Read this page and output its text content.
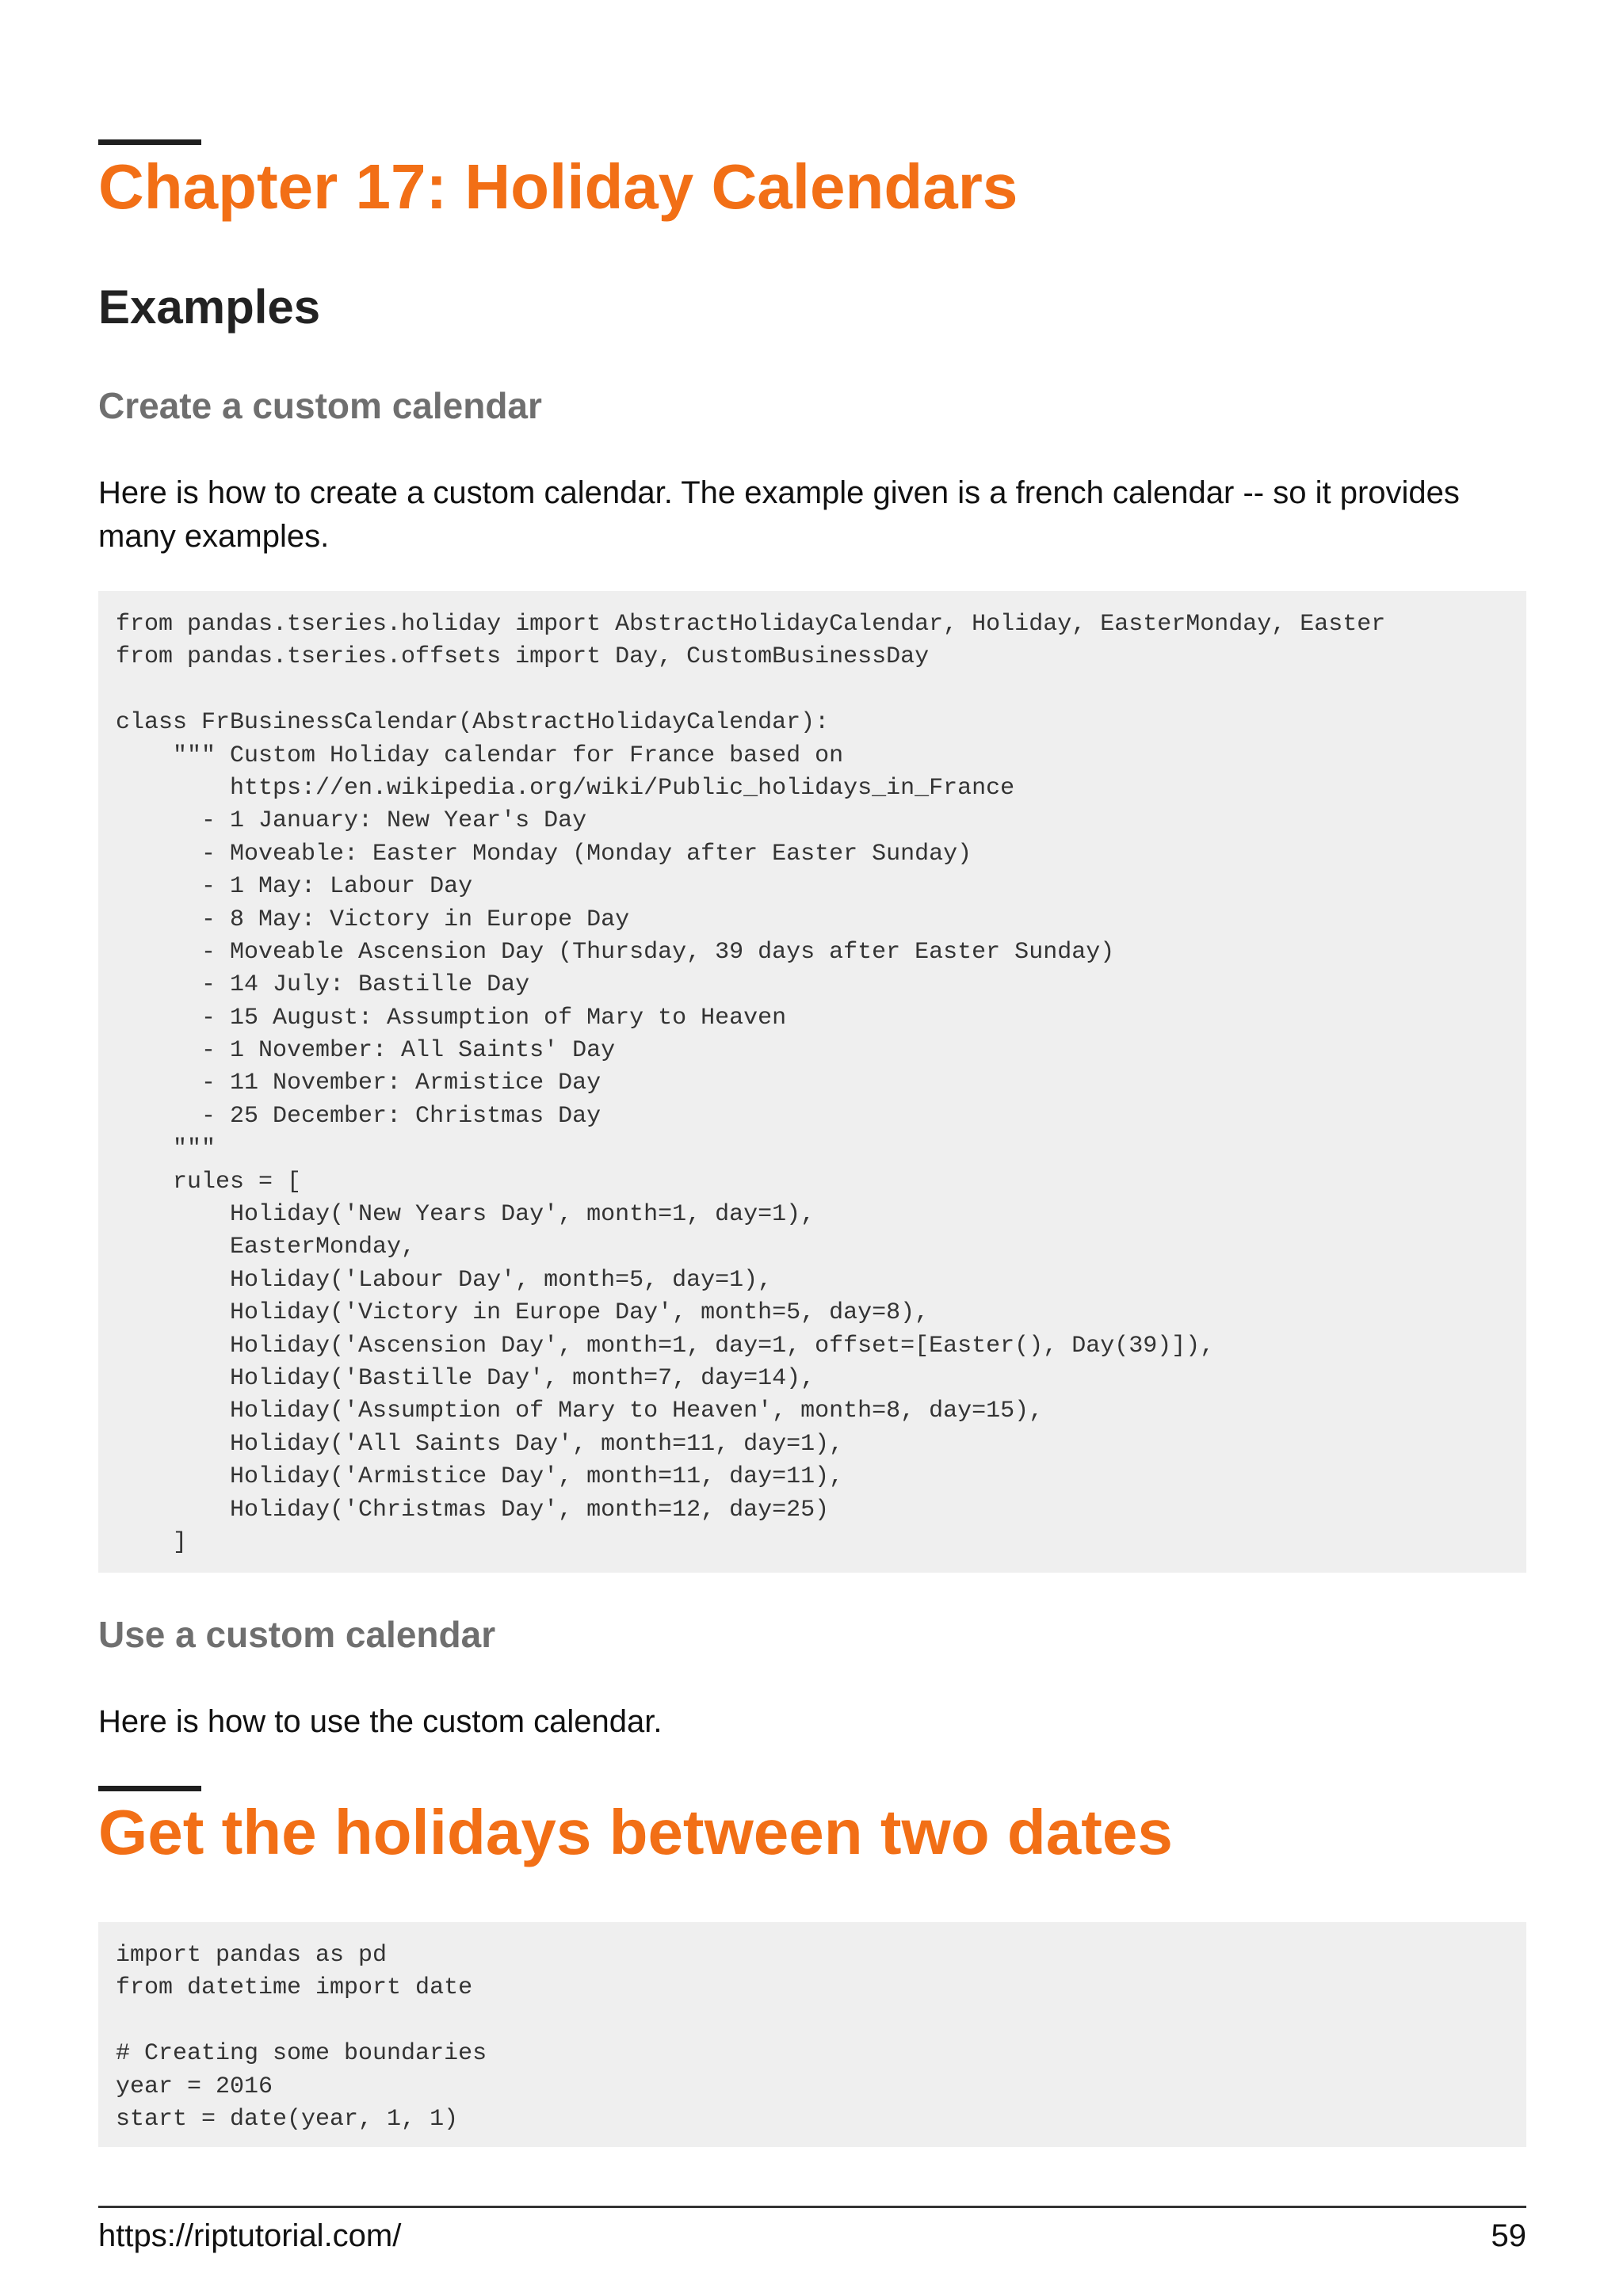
Chapter 17: Holiday Calendars
Examples
Create a custom calendar

Here is how to create a custom calendar. The example given is a french calendar -- so it provides many examples.

from pandas.tseries.holiday import AbstractHolidayCalendar, Holiday, EasterMonday, Easter
from pandas.tseries.offsets import Day, CustomBusinessDay
class FrBusinessCalendar(AbstractHolidayCalendar):
""" Custom Holiday calendar for France based on
https://en.wikipedia.org/wiki/Public_holidays_in_France
- 1 January: New Year's Day
- Moveable: Easter Monday (Monday after Easter Sunday)
- 1 May: Labour Day
- 8 May: Victory in Europe Day
- Moveable Ascension Day (Thursday, 39 days after Easter Sunday)
- 14 July: Bastille Day
- 15 August: Assumption of Mary to Heaven
- 1 November: All Saints' Day
- 11 November: Armistice Day
- 25 December: Christmas Day
"""
rules = [
Holiday('New Years Day', month=1, day=1),
EasterMonday,
Holiday('Labour Day', month=5, day=1),
Holiday('Victory in Europe Day', month=5, day=8),
Holiday('Ascension Day', month=1, day=1, offset=[Easter(), Day(39)]),
Holiday('Bastille Day', month=7, day=14),
Holiday('Assumption of Mary to Heaven', month=8, day=15),
Holiday('All Saints Day', month=11, day=1),
Holiday('Armistice Day', month=11, day=11),
Holiday('Christmas Day', month=12, day=25)
]
Use a custom calendar

Here is how to use the custom calendar.

Get the holidays between two dates
import pandas as pd
from datetime import date
# Creating some boundaries
year = 2016
start = date(year, 1, 1)
https://riptutorial.com/	59
